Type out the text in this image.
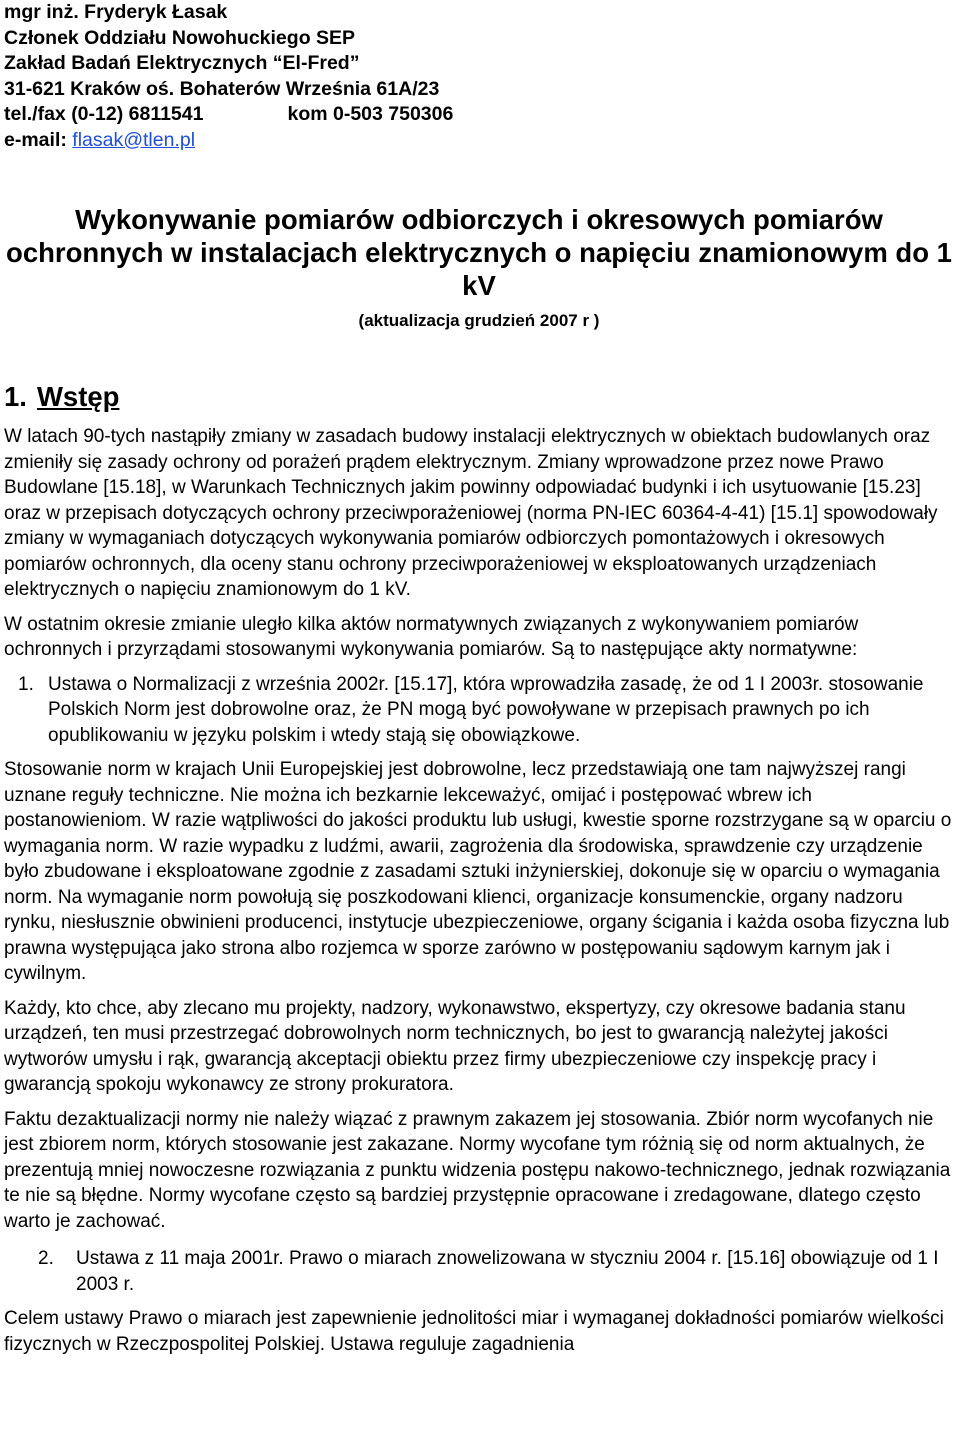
mgr inż. Fryderyk Łasak
Członek Oddziału Nowohuckiego SEP
Zakład Badań Elektrycznych “El-Fred”
31-621 Kraków oś. Bohaterów Września 61A/23
tel./fax (0-12) 6811541	kom 0-503 750306
e-mail: flasak@tlen.pl
Wykonywanie pomiarów odbiorczych i okresowych pomiarów ochronnych w instalacjach elektrycznych o napięciu znamionowym do 1 kV
(aktualizacja grudzień 2007 r )
1. Wstęp

W latach 90-tych nastąpiły zmiany w zasadach budowy instalacji elektrycznych w obiektach budowlanych oraz zmieniły się zasady ochrony od porażeń prądem elektrycznym. Zmiany wprowadzone przez nowe Prawo Budowlane [15.18], w Warunkach Technicznych jakim powinny odpowiadać budynki i ich usytuowanie [15.23] oraz w przepisach dotyczących ochrony przeciwporażeniowej (norma PN-IEC 60364-4-41) [15.1] spowodowały zmiany w wymaganiach dotyczących wykonywania pomiarów odbiorczych pomontażowych i okresowych pomiarów ochronnych, dla oceny stanu ochrony przeciwporażeniowej w eksploatowanych urządzeniach elektrycznych o napięciu znamionowym do 1 kV.

W ostatnim okresie zmianie uległo kilka aktów normatywnych związanych z wykonywaniem pomiarów ochronnych i przyrządami stosowanymi wykonywania pomiarów. Są to następujące akty normatywne:

1. Ustawa o Normalizacji z września 2002r. [15.17], która wprowadziła zasadę, że od 1 I 2003r. stosowanie Polskich Norm jest dobrowolne oraz, że PN mogą być powoływane w przepisach prawnych po ich opublikowaniu w języku polskim i wtedy stają się obowiązkowe.

Stosowanie norm w krajach Unii Europejskiej jest dobrowolne, lecz przedstawiają one tam najwyższej rangi uznane reguły techniczne. Nie można ich bezkarnie lekceważyć, omijać i postępować wbrew ich postanowieniom. W razie wątpliwości do jakości produktu lub usługi, kwestie sporne rozstrzygane są w oparciu o wymagania norm. W razie wypadku z ludźmi, awarii, zagrożenia dla środowiska, sprawdzenie czy urządzenie było zbudowane i eksploatowane zgodnie z zasadami sztuki inżynierskiej, dokonuje się w oparciu o wymagania norm. Na wymaganie norm powołują się poszkodowani klienci, organizacje konsumenckie, organy nadzoru rynku, niesłusznie obwinieni producenci, instytucje ubezpieczeniowe, organy ścigania i każda osoba fizyczna lub prawna występująca jako strona albo rozjemca w sporze zarówno w postępowaniu sądowym karnym jak i cywilnym.

Każdy, kto chce, aby zlecano mu projekty, nadzory, wykonawstwo, ekspertyzy, czy okresowe badania stanu urządzeń, ten musi przestrzegać dobrowolnych norm technicznych, bo jest to gwarancją należytej jakości wytworów umysłu i rąk, gwarancją akceptacji obiektu przez firmy ubezpieczeniowe czy inspekcję pracy i gwarancją spokoju wykonawcy ze strony prokuratora.

Faktu dezaktualizacji normy nie należy wiązać z prawnym zakazem jej stosowania. Zbiór norm wycofanych nie jest zbiorem norm, których stosowanie jest zakazane. Normy wycofane tym różnią się od norm aktualnych, że prezentują mniej nowoczesne rozwiązania z punktu widzenia postępu nakowo-technicznego, jednak rozwiązania te nie są błędne. Normy wycofane często są bardziej przystępnie opracowane i zredagowane, dlatego często warto je zachować.

2.	Ustawa z 11 maja 2001r. Prawo o miarach znowelizowana w styczniu 2004 r. [15.16] obowiązuje od 1 I 2003 r.

Celem ustawy Prawo o miarach jest zapewnienie jednolitości miar i wymaganej dokładności pomiarów wielkości fizycznych w Rzeczpospolitej Polskiej. Ustawa reguluje zagadnienia
